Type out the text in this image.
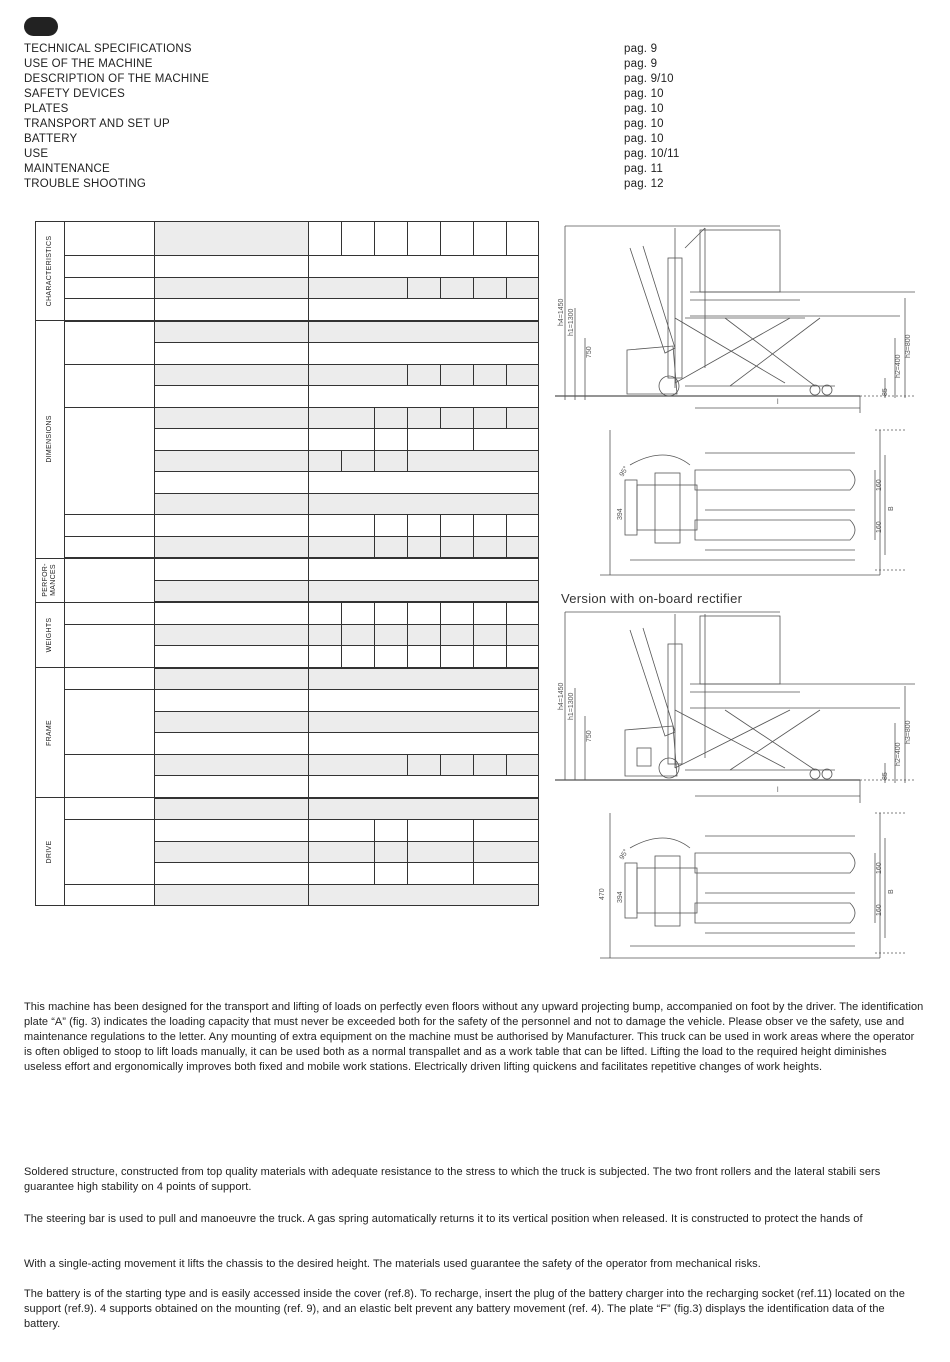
TECHNICAL SPECIFICATIONS	pag. 9
USE OF THE MACHINE	pag. 9
DESCRIPTION OF THE MACHINE	pag. 9/10
SAFETY DEVICES	pag. 10
PLATES	pag. 10
TRANSPORT AND SET UP	pag. 10
BATTERY	pag. 10
USE	pag. 10/11
MAINTENANCE	pag. 11
TROUBLE SHOOTING	pag. 12
CHARACTERISTICS									

DIMENSIONS									

PERFOR- MANCES									

WEIGHTS									

FRAME									

DRIVE									

h4=1450 h1=1300
750	h3=800
h2=400
85
l
95°
394
160
160
B
Version with on-board rectifier
h4=1450 h1=1300
750	h3=800
h2=400
85
l
95°
470 394
160
160
B
This machine has been designed for the transport and lifting of loads on perfectly even floors without any upward projecting bump, accompanied on foot by the driver. The identification plate “A” (fig. 3) indicates the loading capacity that must never be exceeded both for the safety of the personnel and not to damage the vehicle. Please obser ve the safety, use and maintenance regulations to the letter. Any mounting of extra equipment on the machine must be authorised by Manufacturer. This truck can be used in work areas where the operator is often obliged to stoop to lift loads manually, it can be used both as a normal transpallet and as a work table that can be lifted. Lifting the load to the required height diminishes useless effort and ergonomically improves both fixed and mobile work stations. Electrically driven lifting quickens and facilitates repetitive changes of work heights.
Soldered structure, constructed from top quality materials with adequate resistance to the stress to which the truck is subjected. The two front rollers and the lateral stabili sers guarantee high stability on 4 points of support.
The steering bar is used to pull and manoeuvre the truck. A gas spring automatically returns it to its vertical position when released. It is constructed to protect the hands of
With a single-acting movement it lifts the chassis to the desired height. The materials used guarantee the safety of the operator from mechanical risks.
The battery is of the starting type and is easily accessed inside the cover (ref.8). To recharge, insert the plug of the battery charger into the recharging socket (ref.11) located on the support (ref.9). 4 supports obtained on the mounting (ref. 9), and an elastic belt prevent any battery movement (ref. 4). The plate “F” (fig.3) displays the identification data of the battery.
